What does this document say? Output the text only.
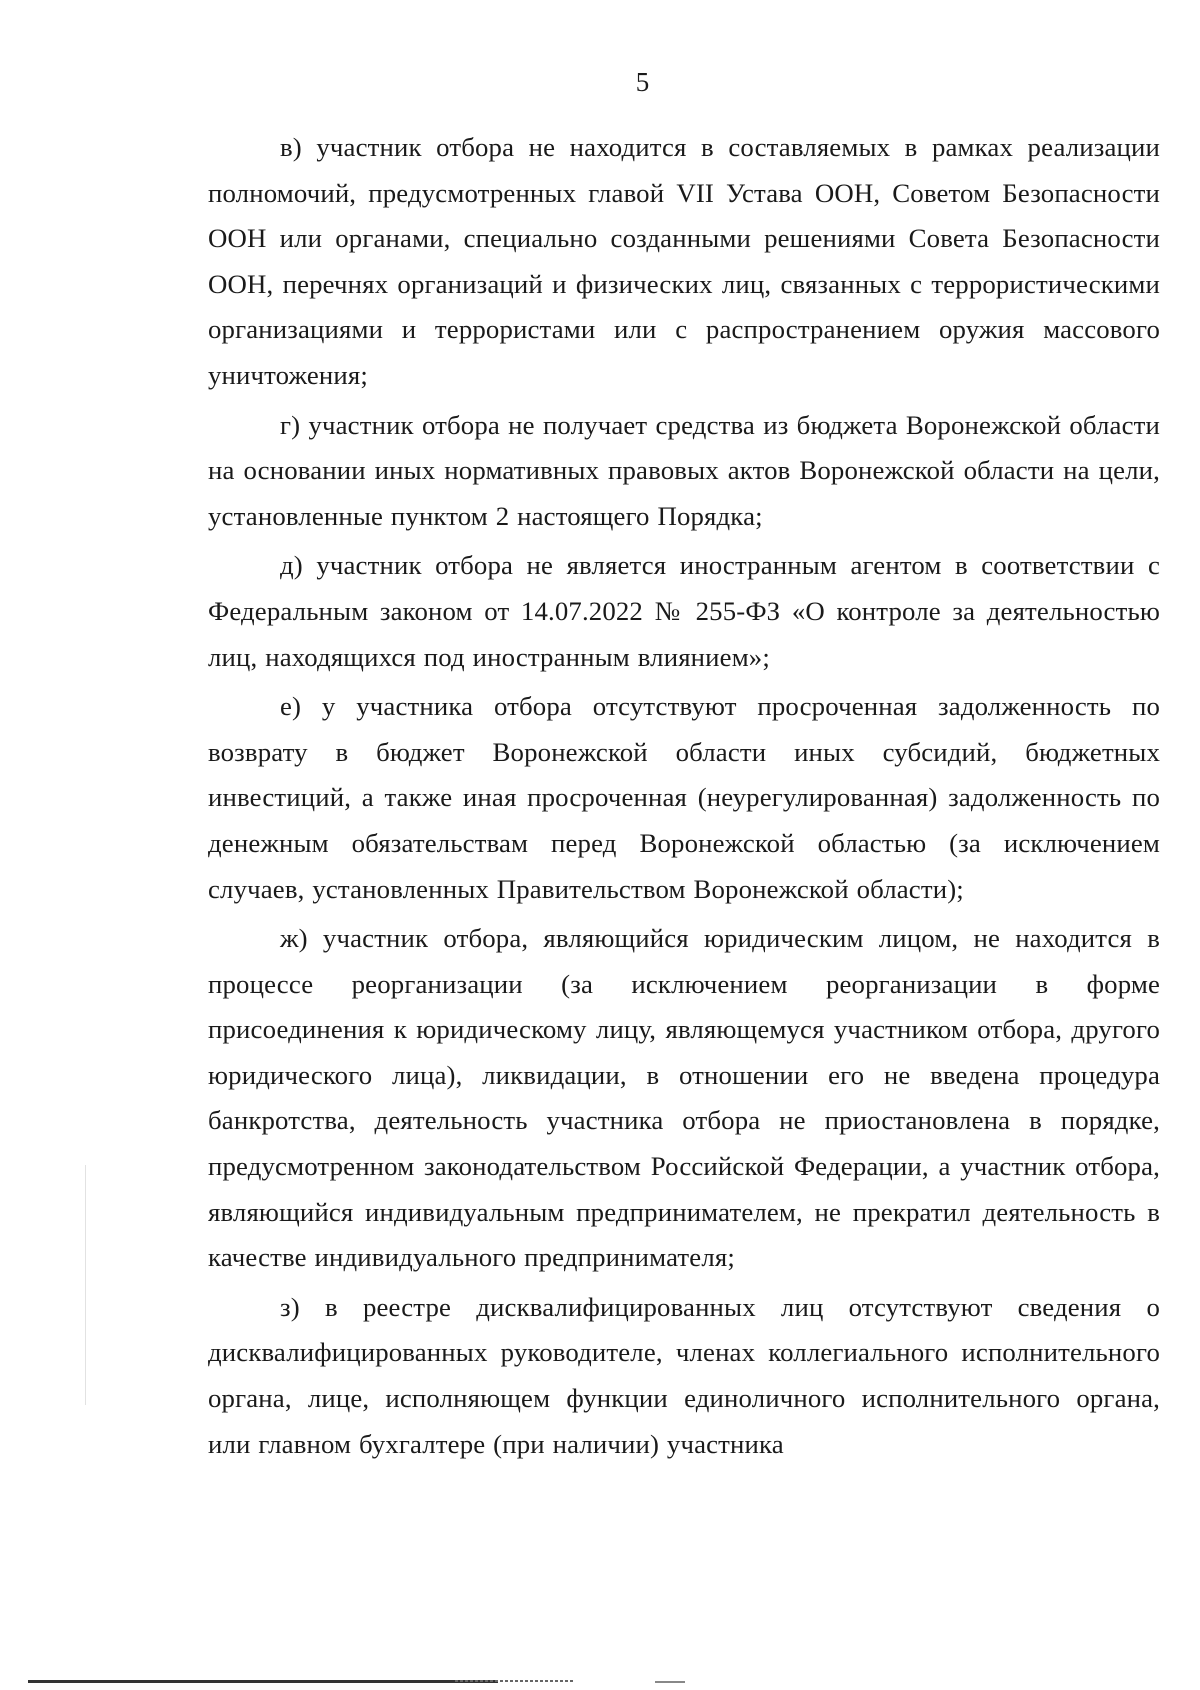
5

в) участник отбора не находится в составляемых в рамках реализации полномочий, предусмотренных главой VII Устава ООН, Советом Безопасности ООН или органами, специально созданными решениями Совета Безопасности ООН, перечнях организаций и физических лиц, связанных с террористическими организациями и террористами или с распространением оружия массового уничтожения;

г) участник отбора не получает средства из бюджета Воронежской области на основании иных нормативных правовых актов Воронежской области на цели, установленные пунктом 2 настоящего Порядка;

д) участник отбора не является иностранным агентом в соответствии с Федеральным законом от 14.07.2022 № 255-ФЗ «О контроле за деятельностью лиц, находящихся под иностранным влиянием»;

е) у участника отбора отсутствуют просроченная задолженность по возврату в бюджет Воронежской области иных субсидий, бюджетных инвестиций, а также иная просроченная (неурегулированная) задолженность по денежным обязательствам перед Воронежской областью (за исключением случаев, установленных Правительством Воронежской области);

ж) участник отбора, являющийся юридическим лицом, не находится в процессе реорганизации (за исключением реорганизации в форме присоединения к юридическому лицу, являющемуся участником отбора, другого юридического лица), ликвидации, в отношении его не введена процедура банкротства, деятельность участника отбора не приостановлена в порядке, предусмотренном законодательством Российской Федерации, а участник отбора, являющийся индивидуальным предпринимателем, не прекратил деятельность в качестве индивидуального предпринимателя;

з) в реестре дисквалифицированных лиц отсутствуют сведения о дисквалифицированных руководителе, членах коллегиального исполнительного органа, лице, исполняющем функции единоличного исполнительного органа, или главном бухгалтере (при наличии) участника
